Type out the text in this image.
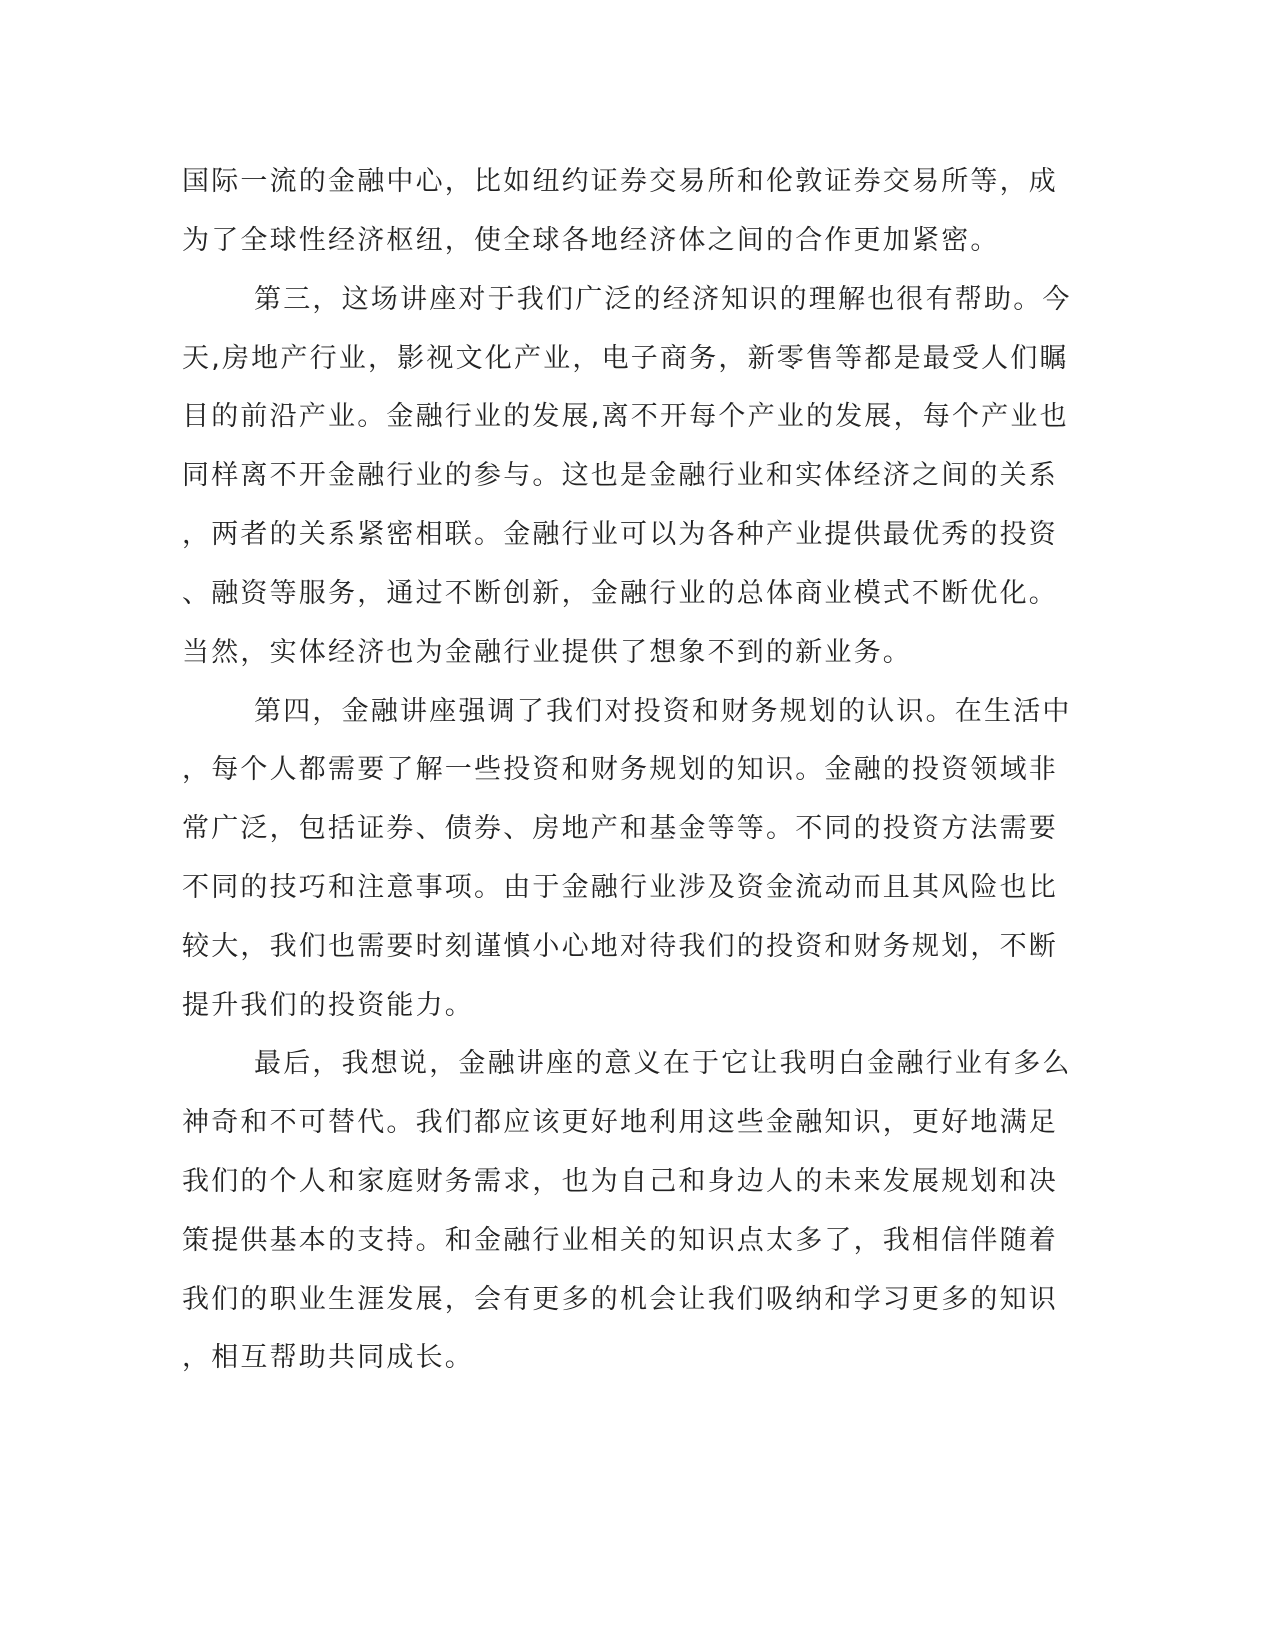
国际一流的金融中心，比如纽约证券交易所和伦敦证券交易所等，成
为了全球性经济枢纽，使全球各地经济体之间的合作更加紧密。
第三，这场讲座对于我们广泛的经济知识的理解也很有帮助。今
天,房地产行业，影视文化产业，电子商务，新零售等都是最受人们瞩
目的前沿产业。金融行业的发展,离不开每个产业的发展，每个产业也
同样离不开金融行业的参与。这也是金融行业和实体经济之间的关系
，两者的关系紧密相联。金融行业可以为各种产业提供最优秀的投资
、融资等服务，通过不断创新，金融行业的总体商业模式不断优化。
当然，实体经济也为金融行业提供了想象不到的新业务。
第四，金融讲座强调了我们对投资和财务规划的认识。在生活中
，每个人都需要了解一些投资和财务规划的知识。金融的投资领域非
常广泛，包括证券、债券、房地产和基金等等。不同的投资方法需要
不同的技巧和注意事项。由于金融行业涉及资金流动而且其风险也比
较大，我们也需要时刻谨慎小心地对待我们的投资和财务规划，不断
提升我们的投资能力。
最后，我想说，金融讲座的意义在于它让我明白金融行业有多么
神奇和不可替代。我们都应该更好地利用这些金融知识，更好地满足
我们的个人和家庭财务需求，也为自己和身边人的未来发展规划和决
策提供基本的支持。和金融行业相关的知识点太多了，我相信伴随着
我们的职业生涯发展，会有更多的机会让我们吸纳和学习更多的知识
，相互帮助共同成长。
